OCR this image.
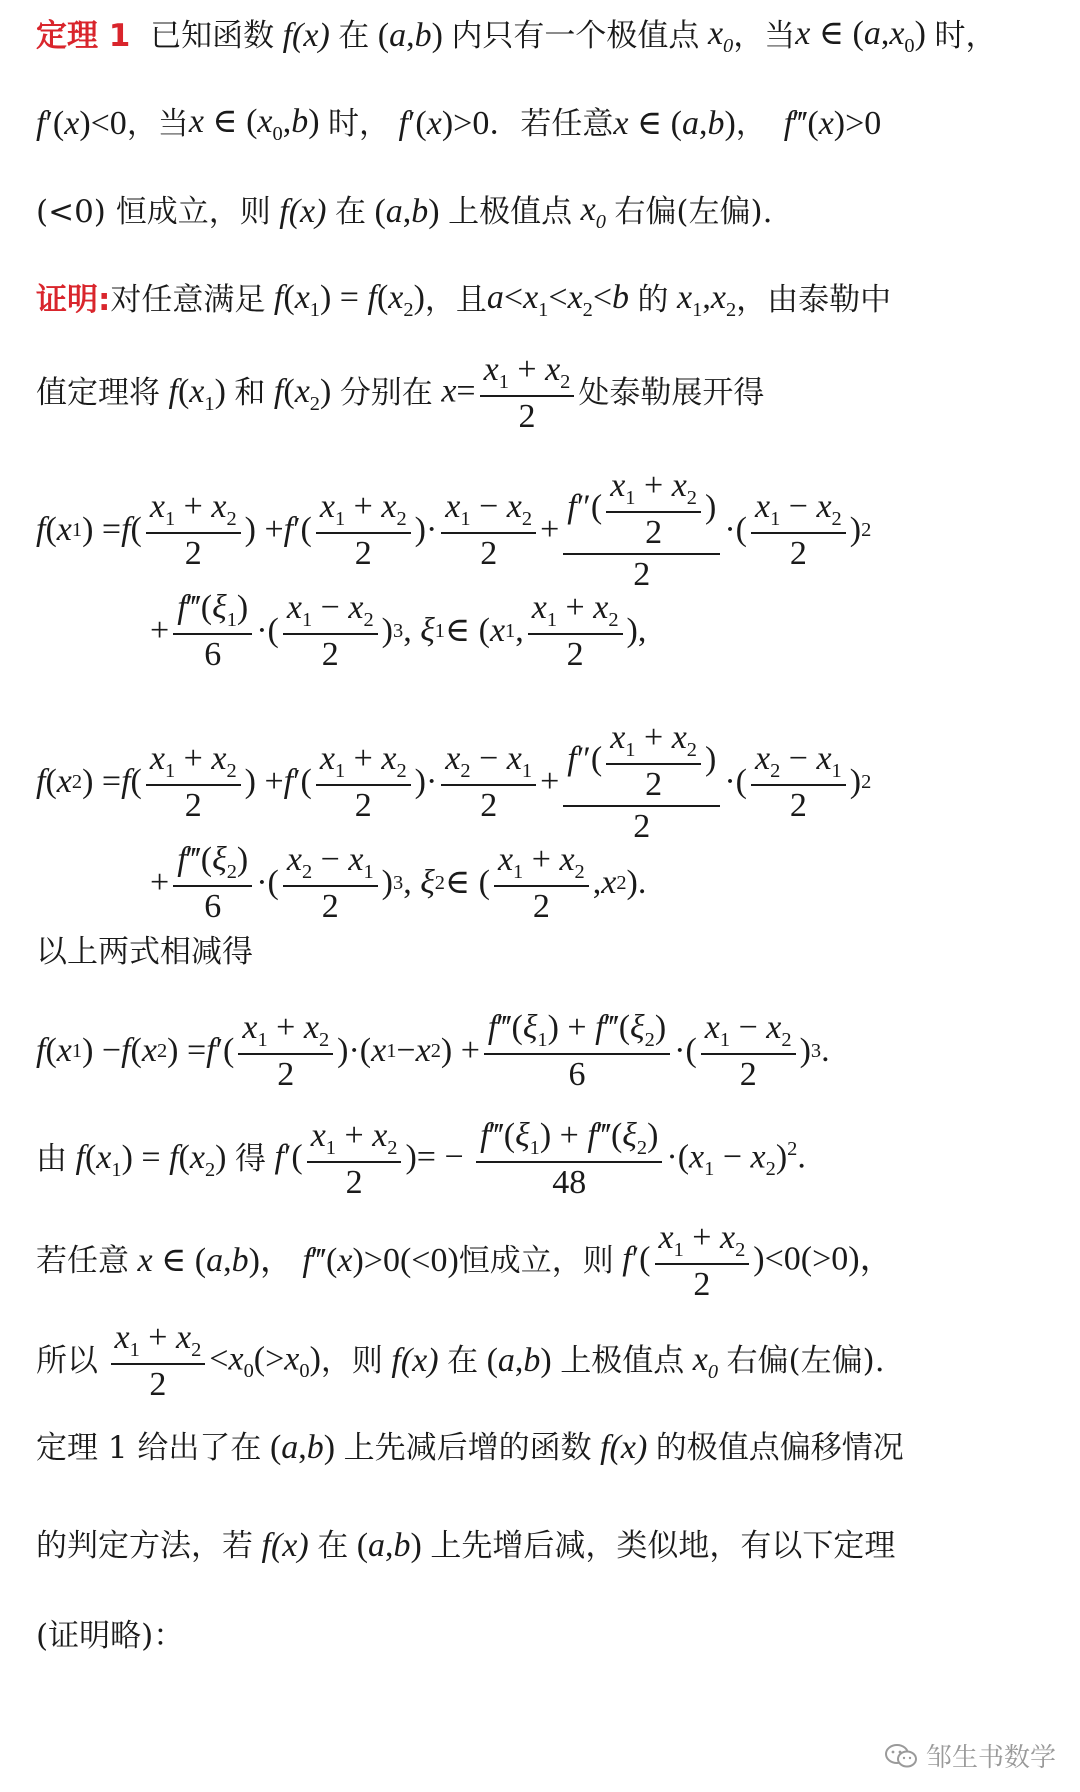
定理 1
已知函数 f(x) 在 (a,b) 内只有一个极值点 $x_0$ ，当 x ∈ $(a,x_0)$ 时，
f′(x)<0 ，当 x ∈ $(x_0,b)$ 时， f′(x)>0 ．若任意 x ∈ (a,b) ， f‴(x)>0
(<0) 恒成立，则 f(x) 在 (a,b) 上极值点 $x_0$ 右偏(左偏).
证明: 对任意满足 $f(x_1) = f(x_2)$ ，且 $a<x_1<x_2<b$ 的 $x_1,x_2$ ，由泰勒中
值定理将 $f(x_1)$ 和 $f(x_2)$ 分别在 $x= \frac{x_1 + x_2}{2}$ 处泰勒展开得
f ( x 1 ) = f ( $\frac{x_1 + x_2}{2}$ ) + f ′( $\frac{x_1 + x_2}{2}$ )· $\frac{x_1 - x_2}{2} + \frac{f''( \frac{x_1 + x_2}{2} )}{2}$ ·( $\frac{x_1 - x_2}{2}$ ) 2
+ $\frac{f‴(\xi_1)}{6}$ ·( $\frac{x_1 - x_2}{2}$ ) 3 , ξ 1 ∈ ( x 1 , $\frac{x_1 + x_2}{2}$ ),
f ( x 2 ) = f ( $\frac{x_1 + x_2}{2}$ ) + f ′( $\frac{x_1 + x_2}{2}$ )· $\frac{x_2 - x_1}{2} + \frac{f''( \frac{x_1 + x_2}{2} )}{2}$ ·( $\frac{x_2 - x_1}{2}$ ) 2
+ $\frac{f‴(\xi_2)}{6}$ ·( $\frac{x_2 - x_1}{2}$ ) 3 , ξ 2 ∈ ( $\frac{x_1 + x_2}{2}$ , x 2 ).
以上两式相减得
f ( x 1 ) − f ( x 2 ) = f ′( $\frac{x_1 + x_2}{2}$ )·( x 1 − x 2 ) + $\frac{f‴(\xi_1) + f‴(\xi_2)}{6}$ ·( $\frac{x_1 - x_2}{2}$ ) 3 .
由 $f(x_1) = f(x_2)$ 得 $f'( \frac{x_1 + x_2}{2}$ )= − $\frac{f‴(\xi_1) + f‴(\xi_2)}{48} \cdot(x_1 - x_2)^2$.
若任意 x ∈ (a,b)， f‴(x)>0(<0) 恒成立，则 $f'( \frac{x_1 + x_2}{2} )<0(>0)$，
所以
$\frac{x_1 + x_2}{2} <x_0(>x_0)$ ，则 f(x) 在 (a,b) 上极值点 $x_0$ 右偏(左偏).
定理 1 给出了在 (a,b) 上先减后增的函数 f(x) 的极值点偏移情况
的判定方法，若 f(x) 在 (a,b) 上先增后减，类似地，有以下定理
(证明略)：
邹生书数学
